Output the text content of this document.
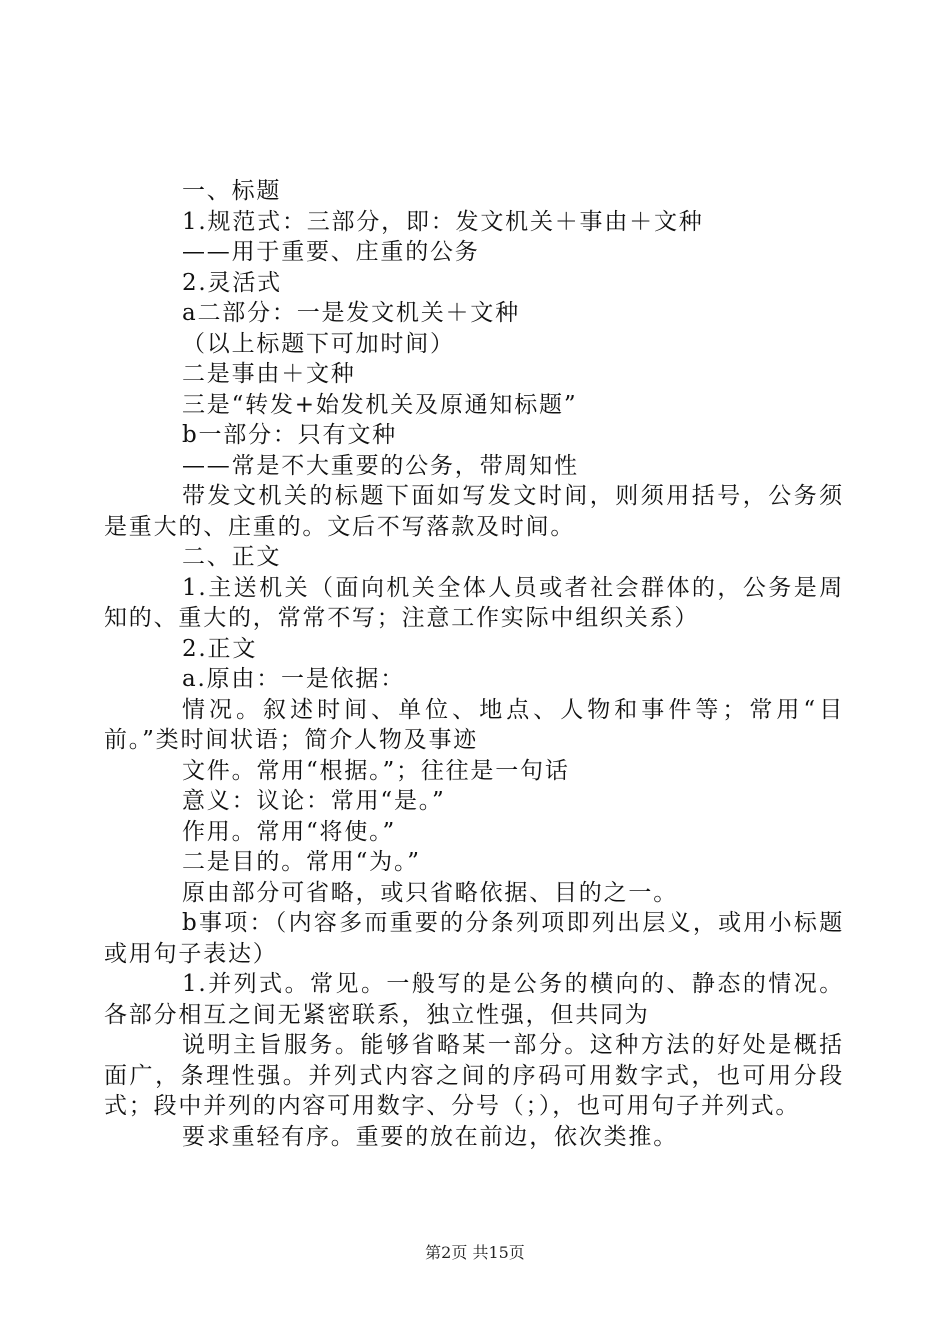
一、标题

1.规范式：三部分，即：发文机关＋事由＋文种

——用于重要、庄重的公务

2.灵活式

a二部分：一是发文机关＋文种

（以上标题下可加时间）

二是事由＋文种

三是“转发+始发机关及原通知标题”

b一部分：只有文种

——常是不大重要的公务，带周知性

带发文机关的标题下面如写发文时间，则须用括号，公务须是重大的、庄重的。文后不写落款及时间。

二、正文

1.主送机关（面向机关全体人员或者社会群体的，公务是周知的、重大的，常常不写；注意工作实际中组织关系）

2.正文

a.原由：一是依据：

情况。叙述时间、单位、地点、人物和事件等；常用“目前。”类时间状语；简介人物及事迹

文件。常用“根据。”；往往是一句话

意义：议论：常用“是。”

作用。常用“将使。”

二是目的。常用“为。”

原由部分可省略，或只省略依据、目的之一。

b事项：（内容多而重要的分条列项即列出层义，或用小标题或用句子表达）

1.并列式。常见。一般写的是公务的横向的、静态的情况。各部分相互之间无紧密联系，独立性强，但共同为

说明主旨服务。能够省略某一部分。这种方法的好处是概括面广，条理性强。并列式内容之间的序码可用数字式，也可用分段式；段中并列的内容可用数字、分号（；），也可用句子并列式。

要求重轻有序。重要的放在前边，依次类推。

第2页 共15页
